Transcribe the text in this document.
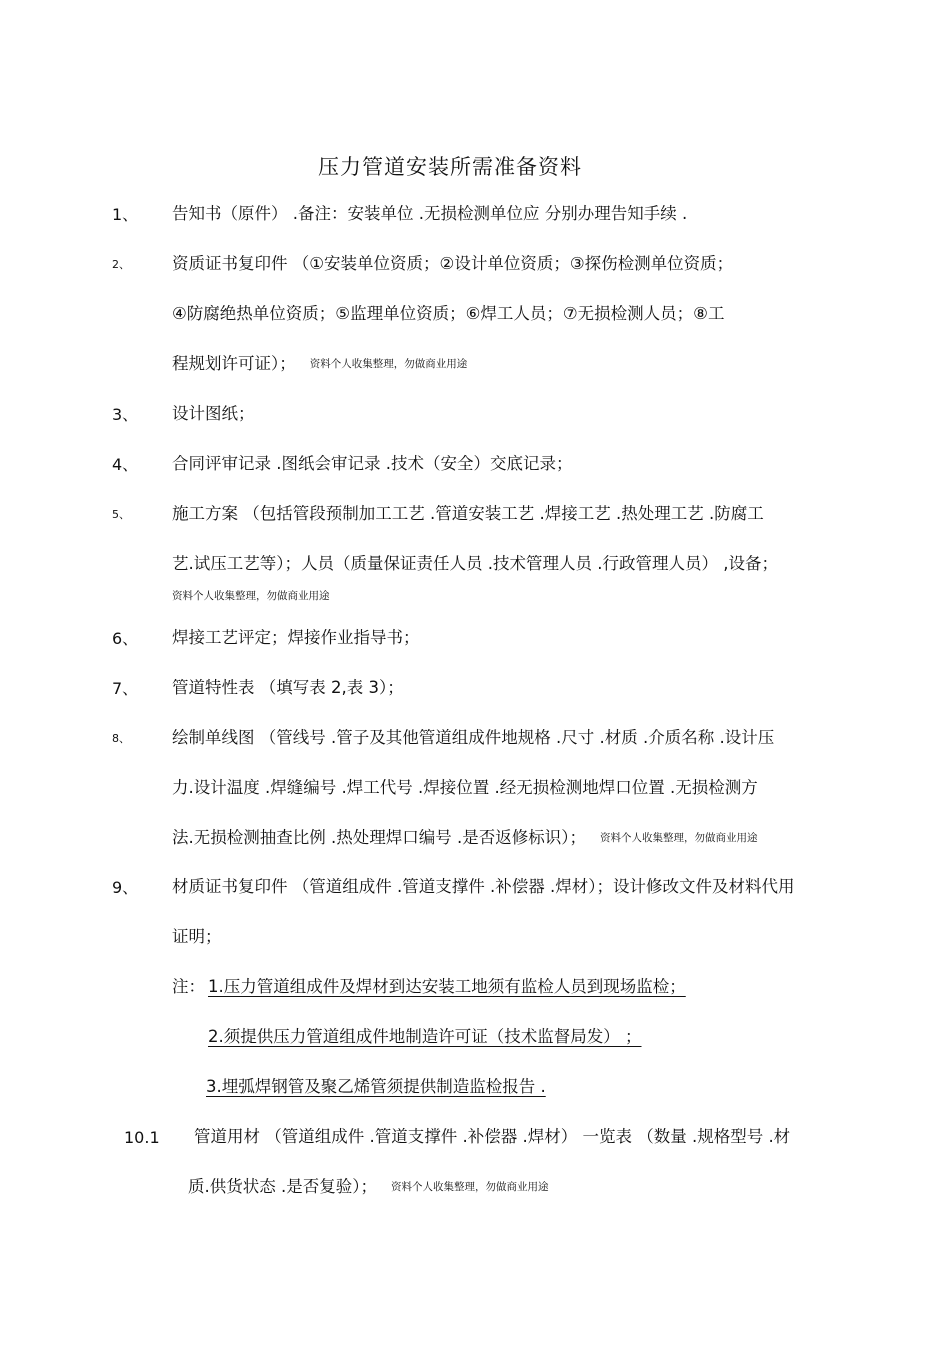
压力管道安装所需准备资料
1、 告知书（原件） .备注：安装单位 .无损检测单位应 分别办理告知手续 .
2、	资质证书复印件 （①安装单位资质；②设计单位资质；③探伤检测单位资质；
④防腐绝热单位资质；⑤监理单位资质；⑥焊工人员；⑦无损检测人员；⑧工
程规划许可证）； 资料个人收集整理，勿做商业用途
3、 设计图纸；
4、 合同评审记录 .图纸会审记录 .技术（安全）交底记录；
5、	施工方案 （包括管段预制加工工艺 .管道安装工艺 .焊接工艺 .热处理工艺 .防腐工
艺.试压工艺等）；人员（质量保证责任人员 .技术管理人员 .行政管理人员） ,设备；
资料个人收集整理，勿做商业用途
6、 焊接工艺评定；焊接作业指导书；
7、 管道特性表 （填写表 2,表 3）；
8、	绘制单线图 （管线号 .管子及其他管道组成件地规格 .尺寸 .材质 .介质名称 .设计压
力.设计温度 .焊缝编号 .焊工代号 .焊接位置 .经无损检测地焊口位置 .无损检测方
法.无损检测抽查比例 .热处理焊口编号 .是否返修标识）； 资料个人收集整理，勿做商业用途
9、 材质证书复印件 （管道组成件 .管道支撑件 .补偿器 .焊材）；设计修改文件及材料代用
证明；
注： 1.压力管道组成件及焊材到达安装工地须有监检人员到现场监检；
2.须提供压力管道组成件地制造许可证（技术监督局发） ；
3.埋弧焊钢管及聚乙烯管须提供制造监检报告 .
10.1 管道用材 （管道组成件 .管道支撑件 .补偿器 .焊材） 一览表 （数量 .规格型号 .材
质.供货状态 .是否复验）； 资料个人收集整理，勿做商业用途
